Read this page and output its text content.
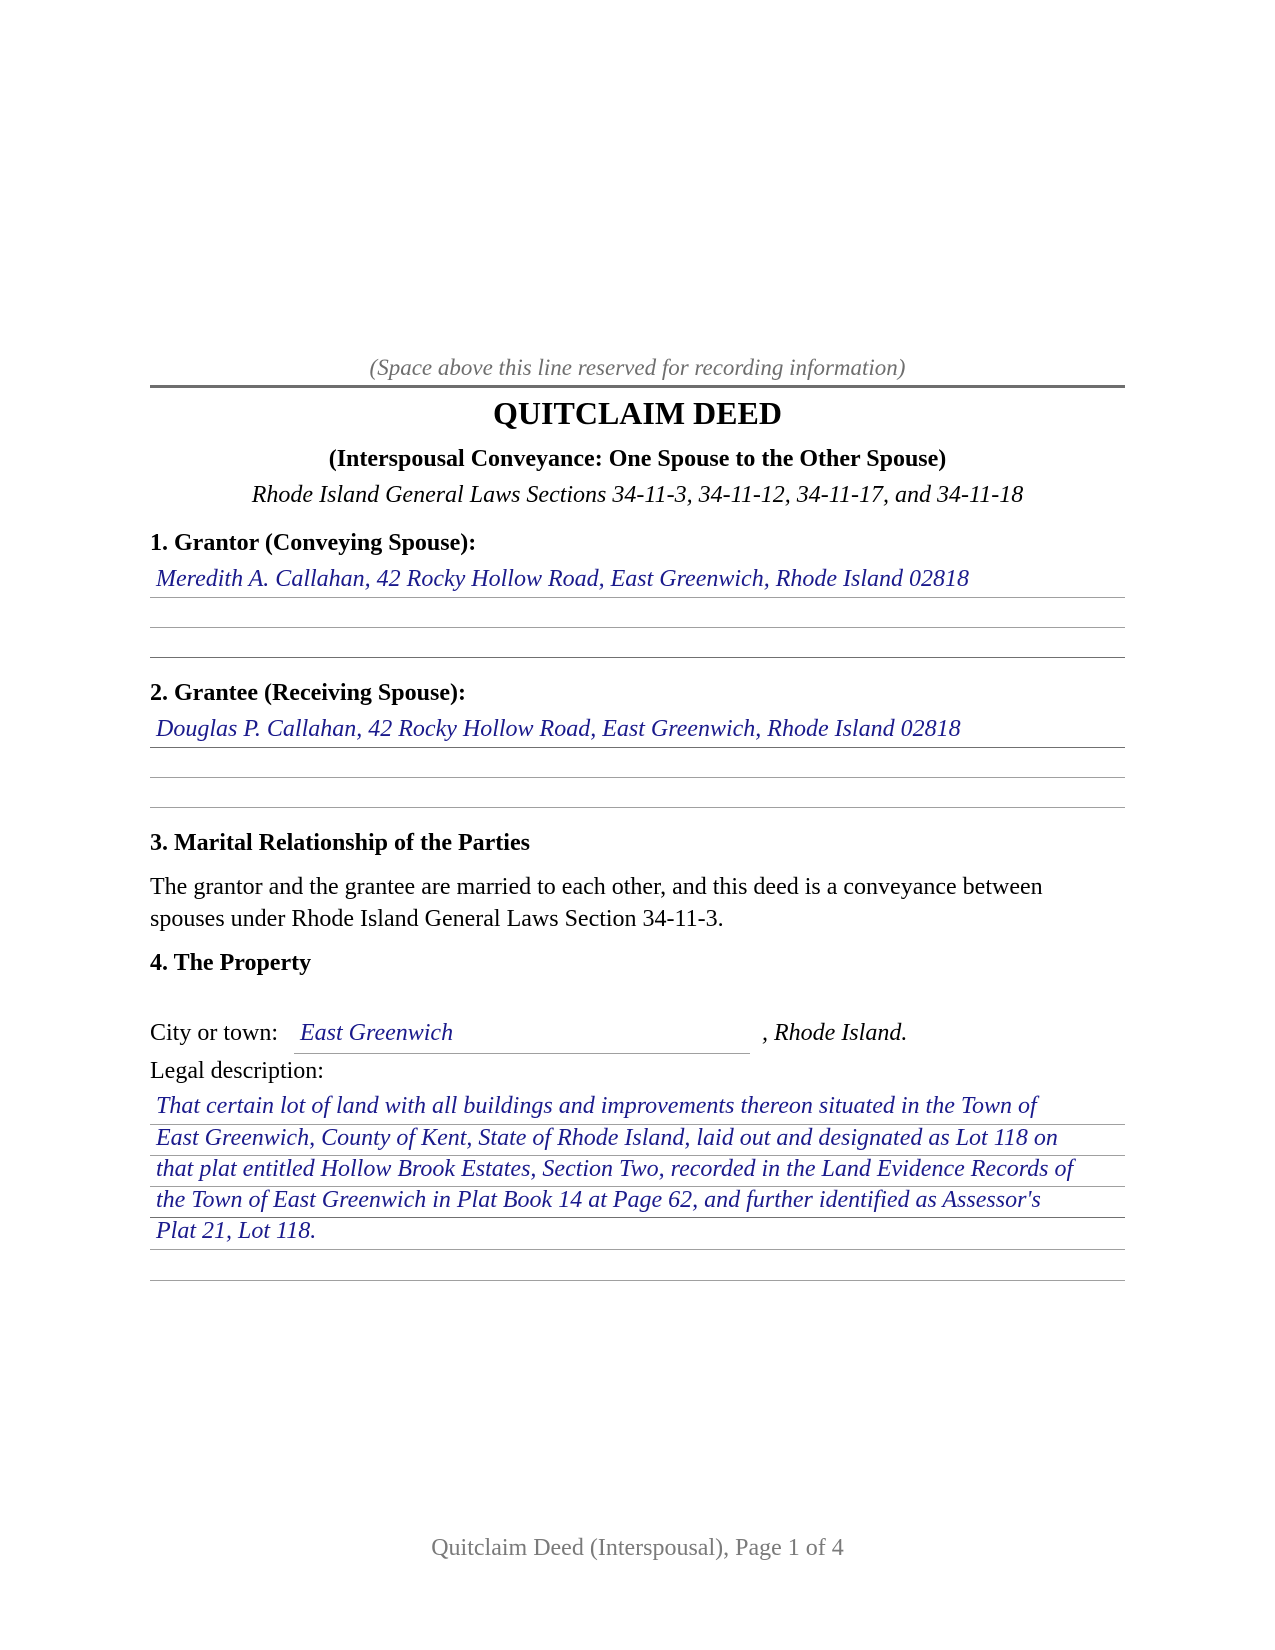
(Space above this line reserved for recording information)
QUITCLAIM DEED
(Interspousal Conveyance: One Spouse to the Other Spouse)
Rhode Island General Laws Sections 34-11-3, 34-11-12, 34-11-17, and 34-11-18
1. Grantor (Conveying Spouse):
Meredith A. Callahan, 42 Rocky Hollow Road, East Greenwich, Rhode Island 02818
2. Grantee (Receiving Spouse):
Douglas P. Callahan, 42 Rocky Hollow Road, East Greenwich, Rhode Island 02818
3. Marital Relationship of the Parties
The grantor and the grantee are married to each other, and this deed is a conveyance between
spouses under Rhode Island General Laws Section 34-11-3.
4. The Property
City or town: East Greenwich	, Rhode Island.
Legal description:
That certain lot of land with all buildings and improvements thereon situated in the Town of
East Greenwich, County of Kent, State of Rhode Island, laid out and designated as Lot 118 on
that plat entitled Hollow Brook Estates, Section Two, recorded in the Land Evidence Records of
the Town of East Greenwich in Plat Book 14 at Page 62, and further identified as Assessor's
Plat 21, Lot 118.
Quitclaim Deed (Interspousal), Page 1 of 4
